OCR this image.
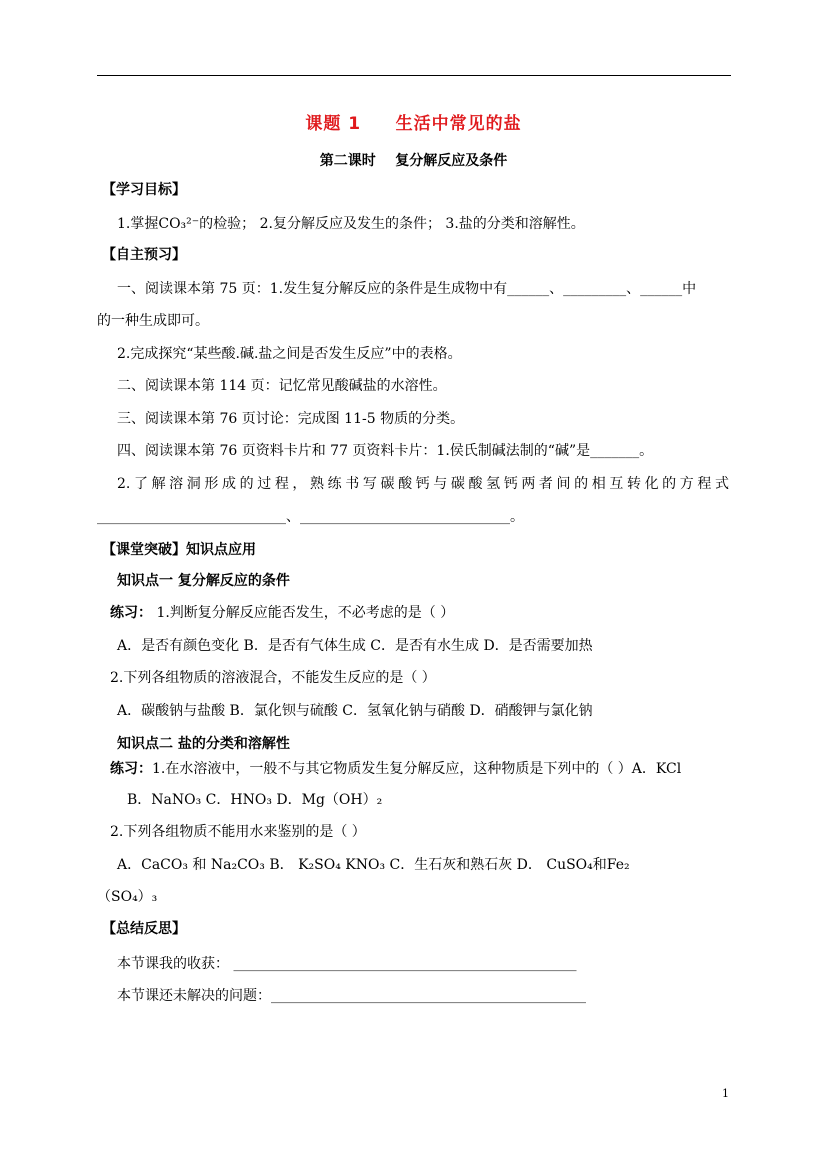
课题 1     生活中常见的盐
第二课时    复分解反应及条件
【学习目标】
1.掌握CO₃²⁻的检验； 2.复分解反应及发生的条件； 3.盐的分类和溶解性。
【自主预习】
一、阅读课本第 75 页：1.发生复分解反应的条件是生成物中有______、_________、______中
的一种生成即可。
2.完成探究“某些酸.碱.盐之间是否发生反应”中的表格。
二、阅读课本第 114 页：记忆常见酸碱盐的水溶性。
三、阅读课本第 76 页讨论：完成图 11-5 物质的分类。
四、阅读课本第 76 页资料卡片和 77 页资料卡片：1.侯氏制碱法制的“碱”是_______。
2.了解溶洞形成的过程，熟练书写碳酸钙与碳酸氢钙两者间的相互转化的方程式
___________________________、______________________________。
【课堂突破】知识点应用
知识点一 复分解反应的条件
练习： 1.判断复分解反应能否发生，不必考虑的是（ ）
A．是否有颜色变化 B．是否有气体生成 C．是否有水生成 D．是否需要加热
2.下列各组物质的溶液混合，不能发生反应的是（ ）
A．碳酸钠与盐酸 B．氯化钡与硫酸 C．氢氧化钠与硝酸 D．硝酸钾与氯化钠
知识点二 盐的分类和溶解性
练习：1.在水溶液中，一般不与其它物质发生复分解反应，这种物质是下列中的（ ）A．KCl
B．NaNO₃ C．HNO₃ D．Mg（OH）₂
2.下列各组物质不能用水来鉴别的是（ ）
A．CaCO₃ 和 Na₂CO₃ B． K₂SO₄ KNO₃ C．生石灰和熟石灰 D． CuSO₄和Fe₂
（SO₄）₃
【总结反思】
本节课我的收获： _________________________________________________
本节课还未解决的问题：_____________________________________________
1
